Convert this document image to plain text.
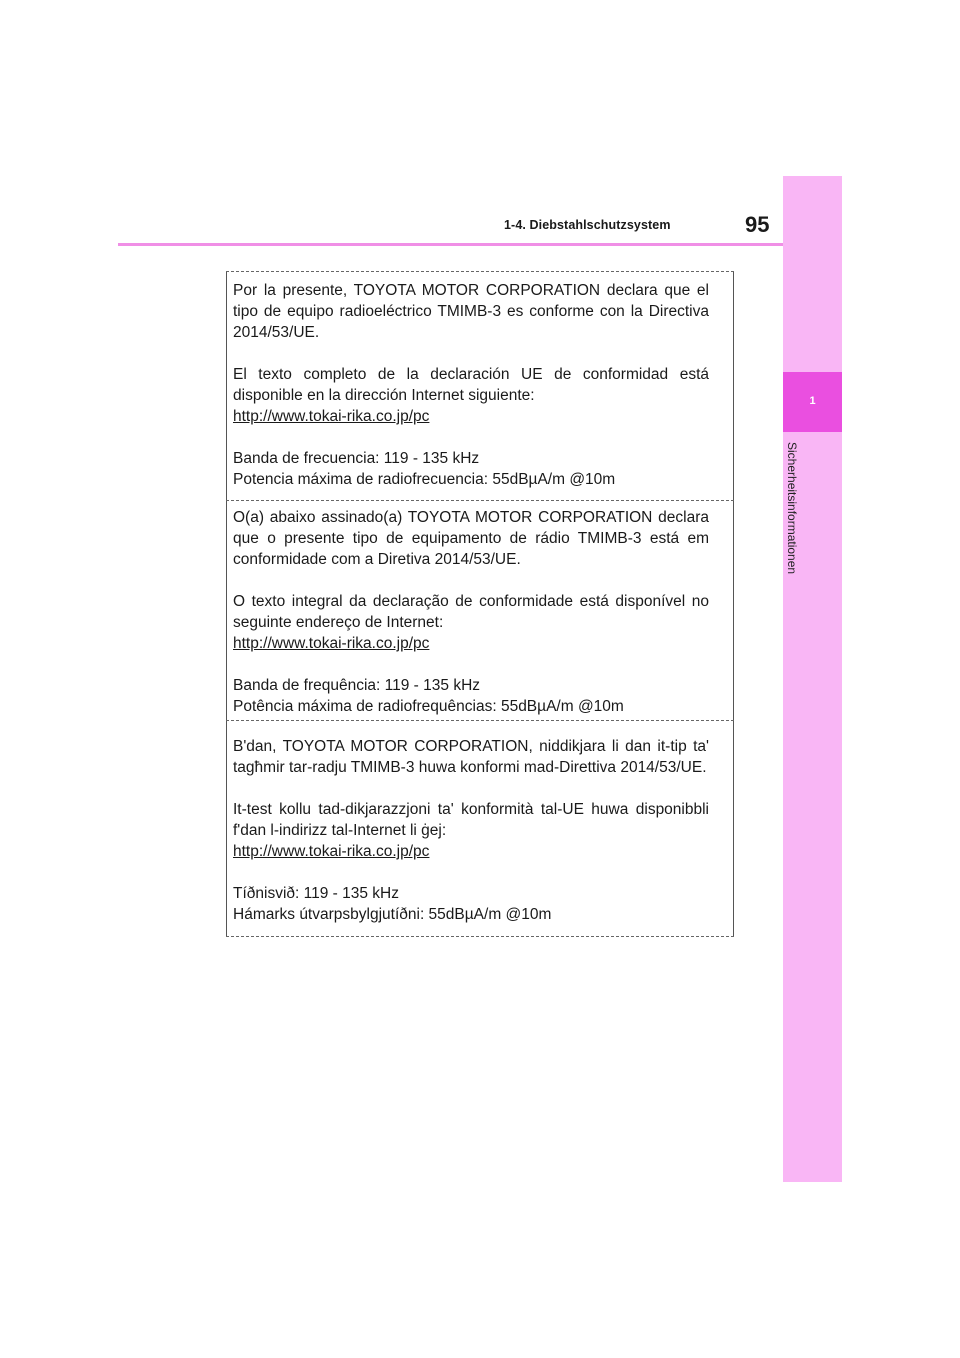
1-4. Diebstahlschutzsystem	95
1
Sicherheitsinformationen

Por la presente, TOYOTA MOTOR CORPORATION declara que el
tipo de equipo radioeléctrico TMIMB-3 es conforme con la Directiva
2014/53/UE.

El texto completo de la declaración UE de conformidad está
disponible en la dirección Internet siguiente:
http://www.tokai-rika.co.jp/pc

Banda de frecuencia: 119 - 135 kHz
Potencia máxima de radiofrecuencia: 55dBµA/m @10m

O(a) abaixo assinado(a) TOYOTA MOTOR CORPORATION declara
que o presente tipo de equipamento de rádio TMIMB-3 está em
conformidade com a Diretiva 2014/53/UE.

O texto integral da declaração de conformidade está disponível no
seguinte endereço de Internet:
http://www.tokai-rika.co.jp/pc

Banda de frequência: 119 - 135 kHz
Potência máxima de radiofrequências: 55dBµA/m @10m

B'dan, TOYOTA MOTOR CORPORATION, niddikjara li dan it-tip ta'
tagħmir tar-radju TMIMB-3 huwa konformi mad-Direttiva 2014/53/UE.

It-test kollu tad-dikjarazzjoni ta' konformità tal-UE huwa disponibbli
f'dan l-indirizz tal-Internet li ġej:
http://www.tokai-rika.co.jp/pc

Tíðnisvið: 119 - 135 kHz
Hámarks útvarpsbylgjutíðni: 55dBµA/m @10m
